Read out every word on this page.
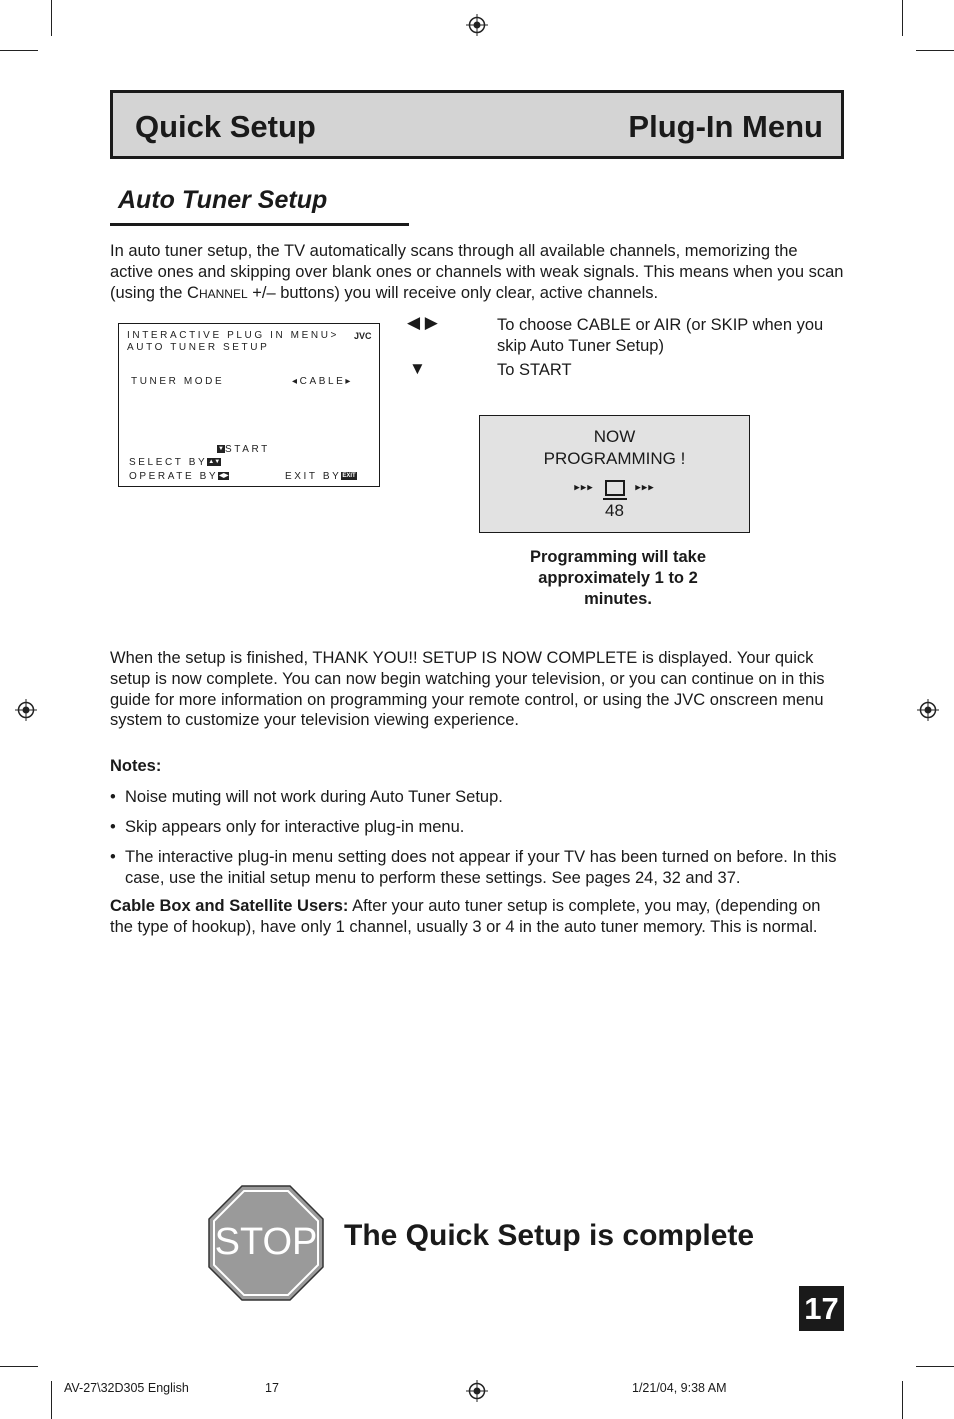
Quick Setup	Plug-In Menu
Auto Tuner Setup
In auto tuner setup, the TV automatically scans through all available channels, memorizing the active ones and skipping over blank ones or channels with weak signals. This means when you scan (using the Channel +/– buttons) you will receive only clear, active channels.
INTERACTIVE PLUG IN MENU> JVC
AUTO TUNER SETUP
TUNER MODE	◂CABLE▸
▼START
SELECT BY▲▼
OPERATE BY◀▶	EXIT BYEXIT
◀ ▶	To choose CABLE or AIR (or SKIP when you skip Auto Tuner Setup)
▼	To START
NOW
PROGRAMMING !
▸▸▸	▸▸▸
48
Programming will take approximately 1 to 2 minutes.
When the setup is finished, THANK YOU!! SETUP IS NOW COMPLETE is displayed. Your quick setup is now complete. You can now begin watching your television, or you can continue on in this guide for more information on programming your remote control, or using the JVC onscreen menu system to customize your television viewing experience.
Notes:
• Noise muting will not work during Auto Tuner Setup.
• Skip appears only for interactive plug-in menu.
• The interactive plug-in menu setting does not appear if your TV has been turned on before. In this case, use the initial setup menu to perform these settings. See pages 24, 32 and 37.
Cable Box and Satellite Users: After your auto tuner setup is complete, you may, (depending on the type of hookup), have only 1 channel, usually 3 or 4 in the auto tuner memory. This is normal.
STOP The Quick Setup is complete
17
AV-27\32D305 English	17	1/21/04, 9:38 AM
